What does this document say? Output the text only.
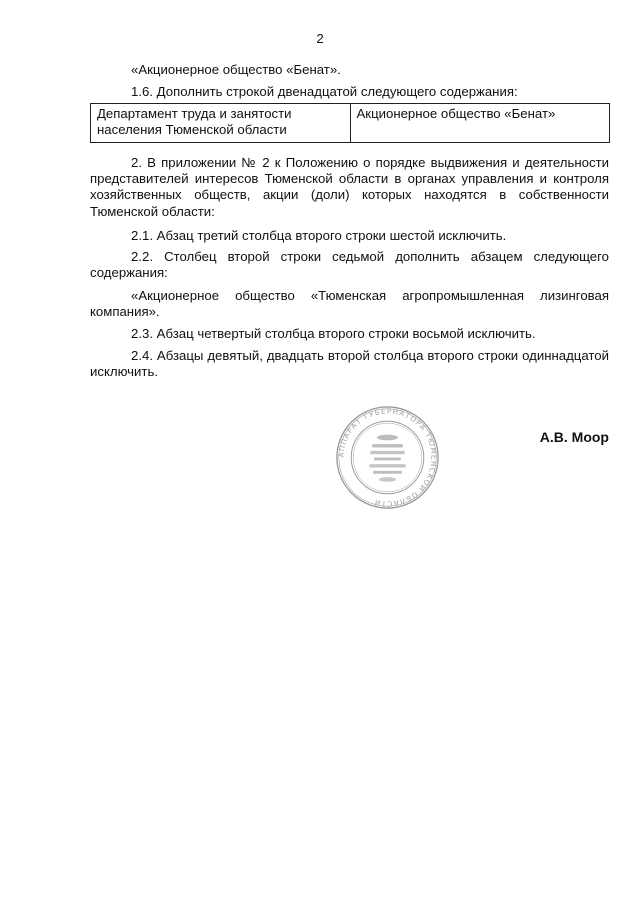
2

«Акционерное общество «Бенат».

1.6. Дополнить строкой двенадцатой следующего содержания:

Департамент труда и занятости населения Тюменской области	Акционерное общество «Бенат»

2. В приложении № 2 к Положению о порядке выдвижения и деятельности представителей интересов Тюменской области в органах управления и контроля хозяйственных обществ, акции (доли) которых находятся в собственности Тюменской области:

2.1. Абзац третий столбца второго строки шестой исключить.

2.2. Столбец второй строки седьмой дополнить абзацем следующего содержания:

«Акционерное общество «Тюменская агропромышленная лизинговая компания».

2.3. Абзац четвертый столбца второго строки восьмой исключить.

2.4. Абзацы девятый, двадцать второй столбца второго строки одиннадцатой исключить.

АППАРАТ ГУБЕРНАТОРА ТЮМЕНСКОЙ ОБЛАСТИ
А.В. Моор
